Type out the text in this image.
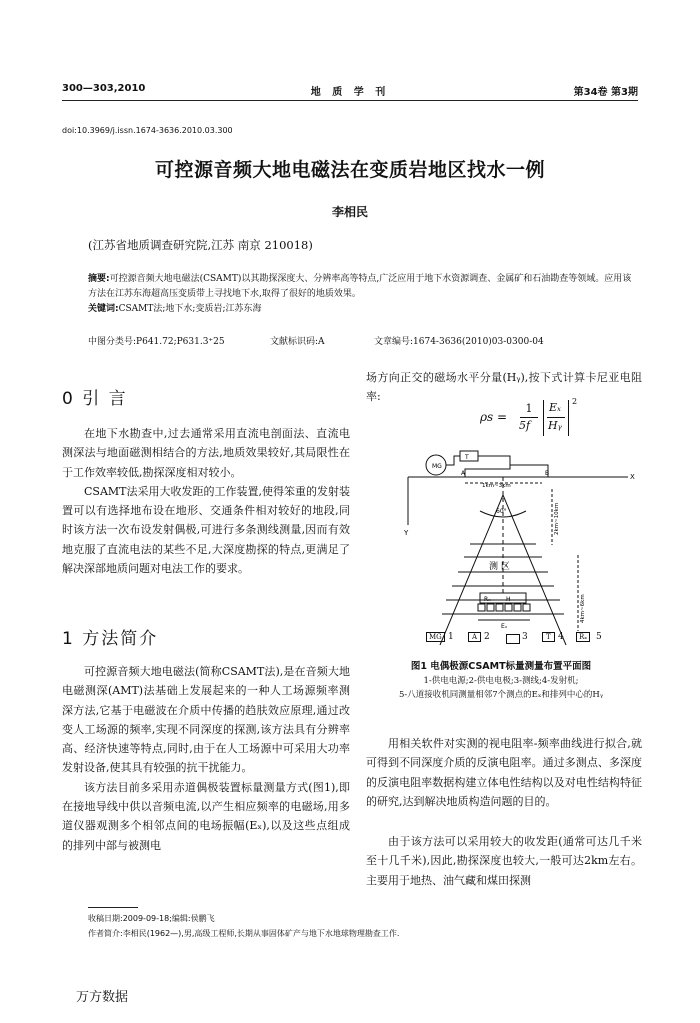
300—303,2010	地 质 学 刊	第34卷 第3期
doi:10.3969/j.issn.1674-3636.2010.03.300
可控源音频大地电磁法在变质岩地区找水一例
李相民
(江苏省地质调查研究院,江苏 南京 210018)
摘要:可控源音频大地电磁法(CSAMT)以其勘探深度大、分辨率高等特点,广泛应用于地下水资源调查、金属矿和石油勘查等领域。应用该方法在江苏东海超高压变质带上寻找地下水,取得了很好的地质效果。
关键词:CSAMT法;地下水;变质岩;江苏东海
中图分类号:P641.72;P631.3⁺25	文献标识码:A	文章编号:1674-3636(2010)03-0300-04
0 引 言

在地下水勘查中,过去通常采用直流电剖面法、直流电测深法与地面磁测相结合的方法,地质效果较好,其局限性在于工作效率较低,勘探深度相对较小。

CSAMT法采用大收发距的工作装置,使得笨重的发射装置可以有选择地布设在地形、交通条件相对较好的地段,同时该方法一次布设发射偶极,可进行多条测线测量,因而有效地克服了直流电法的某些不足,大深度勘探的特点,更满足了解决深部地质问题对电法工作的要求。

1 方法简介

可控源音频大地电磁法(简称CSAMT法),是在音频大地电磁测深(AMT)法基础上发展起来的一种人工场源频率测深方法,它基于电磁波在介质中传播的趋肤效应原理,通过改变人工场源的频率,实现不同深度的探测,该方法具有分辨率高、经济快速等特点,同时,由于在人工场源中可采用大功率发射设备,使其具有较强的抗干扰能力。

该方法目前多采用赤道偶极装置标量测量方式(图1),即在接地导线中供以音频电流,以产生相应频率的电磁场,用多道仪器观测多个相邻点间的电场振幅(Eₓ),以及这些点组成的排列中部与被测电

场方向正交的磁场水平分量(Hᵧ),按下式计算卡尼亚电阻率:

ρs =
1
5f
Eₓ
Hᵧ
2
MG
T
A	B	X
Y
1km~3km
60°	2km~10km
4km~6km
测 区
Rₓ	H
Eₓ
MG 1	A 2	3	T 4	Rₓ 5
图1 电偶极源CSAMT标量测量布置平面图
1-供电电源;2-供电电极;3-测线;4-发射机;
5-八道接收机同测量相邻7个测点的Eₓ和排列中心的Hᵧ

用相关软件对实测的视电阻率-频率曲线进行拟合,就可得到不同深度介质的反演电阻率。通过多测点、多深度的反演电阻率数据构建立体电性结构以及对电性结构特征的研究,达到解决地质构造问题的目的。

由于该方法可以采用较大的收发距(通常可达几千米至十几千米),因此,勘探深度也较大,一般可达2km左右。主要用于地热、油气藏和煤田探测

收稿日期:2009-09-18;编辑:侯鹏飞
作者简介:李相民(1962—),男,高级工程师,长期从事固体矿产与地下水地球物理勘查工作.
万方数据
